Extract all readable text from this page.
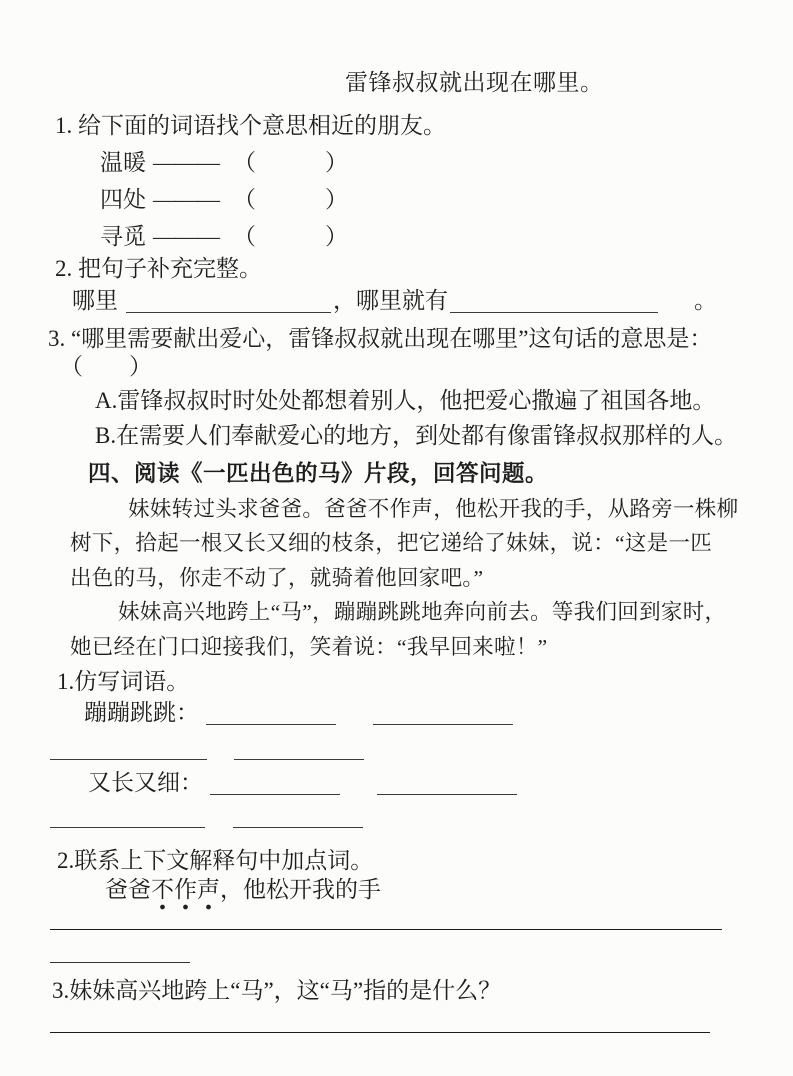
雷锋叔叔就出现在哪里。
1. 给下面的词语找个意思相近的朋友。
温暖 ——— （　　　）
四处 ——— （　　　）
寻觅 ——— （　　　）
2. 把句子补充完整。
哪里	，哪里就有	。
3. “哪里需要献出爱心，雷锋叔叔就出现在哪里”这句话的意思是：
（　　）
A.雷锋叔叔时时处处都想着别人，他把爱心撒遍了祖国各地。
B.在需要人们奉献爱心的地方，到处都有像雷锋叔叔那样的人。
四、阅读《一匹出色的马》片段，回答问题。
妹妹转过头求爸爸。爸爸不作声，他松开我的手，从路旁一株柳
树下，拾起一根又长又细的枝条，把它递给了妹妹，说：“这是一匹
出色的马，你走不动了，就骑着他回家吧。”
妹妹高兴地跨上“马”，蹦蹦跳跳地奔向前去。等我们回到家时，
她已经在门口迎接我们，笑着说：“我早回来啦！”
1.仿写词语。
蹦蹦跳跳：
又长又细：
2.联系上下文解释句中加点词。
爸爸不作声，他松开我的手
3.妹妹高兴地跨上“马”，这“马”指的是什么？
